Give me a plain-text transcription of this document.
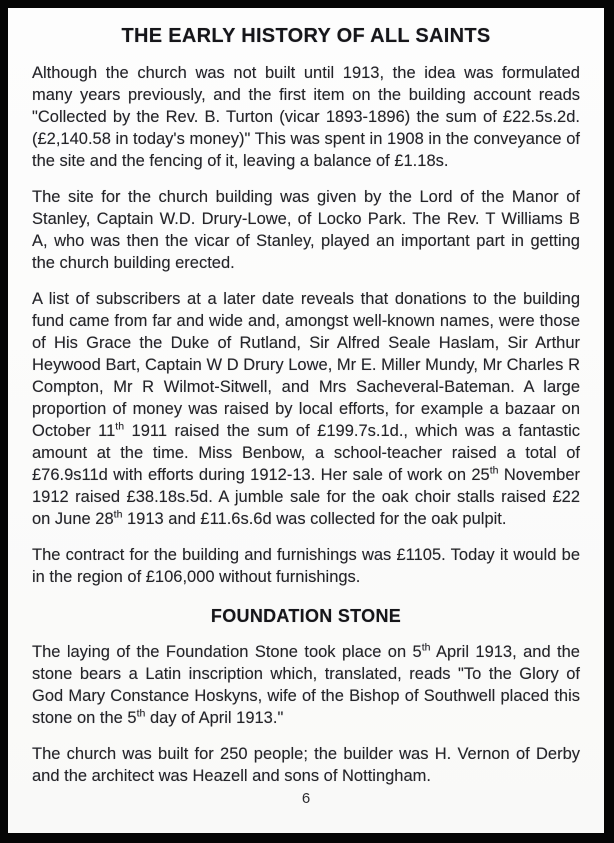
THE EARLY HISTORY OF ALL SAINTS

Although the church was not built until 1913, the idea was formulated many years previously, and the first item on the building account reads "Collected by the Rev. B. Turton (vicar 1893-1896) the sum of £22.5s.2d. (£2,140.58 in today's money)" This was spent in 1908 in the conveyance of the site and the fencing of it, leaving a balance of £1.18s.

The site for the church building was given by the Lord of the Manor of Stanley, Captain W.D. Drury-Lowe, of Locko Park. The Rev. T Williams B A, who was then the vicar of Stanley, played an important part in getting the church building erected.

A list of subscribers at a later date reveals that donations to the building fund came from far and wide and, amongst well-known names, were those of His Grace the Duke of Rutland, Sir Alfred Seale Haslam, Sir Arthur Heywood Bart, Captain W D Drury Lowe, Mr E. Miller Mundy, Mr Charles R Compton, Mr R Wilmot-Sitwell, and Mrs Sacheveral-Bateman. A large proportion of money was raised by local efforts, for example a bazaar on October 11th 1911 raised the sum of £199.7s.1d., which was a fantastic amount at the time. Miss Benbow, a school-teacher raised a total of £76.9s11d with efforts during 1912-13. Her sale of work on 25th November 1912 raised £38.18s.5d. A jumble sale for the oak choir stalls raised £22 on June 28th 1913 and £11.6s.6d was collected for the oak pulpit.

The contract for the building and furnishings was £1105. Today it would be in the region of £106,000 without furnishings.

FOUNDATION STONE

The laying of the Foundation Stone took place on 5th April 1913, and the stone bears a Latin inscription which, translated, reads "To the Glory of God Mary Constance Hoskyns, wife of the Bishop of Southwell placed this stone on the 5th day of April 1913."

The church was built for 250 people; the builder was H. Vernon of Derby and the architect was Heazell and sons of Nottingham.

6
